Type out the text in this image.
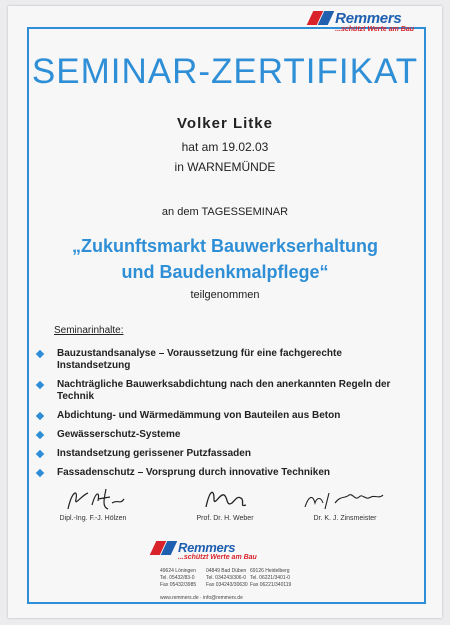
Remmers
...schützt Werte am Bau
SEMINAR-ZERTIFIKAT
Volker Litke
hat am 19.02.03
in WARNEMÜNDE
an dem TAGESSEMINAR
„Zukunftsmarkt Bauwerkserhaltung
und Baudenkmalpflege“
teilgenommen
Seminarinhalte:
Bauzustandsanalyse – Voraussetzung für eine fachgerechte Instandsetzung
Nachträgliche Bauwerksabdichtung nach den anerkannten Regeln der Technik
Abdichtung- und Wärmedämmung von Bauteilen aus Beton
Gewässerschutz-Systeme
Instandsetzung gerissener Putzfassaden
Fassadenschutz – Vorsprung durch innovative Techniken
Dipl.-Ing. F.-J. Hölzen	Prof. Dr. H. Weber	Dr. K. J. Zinsmeister
Remmers
...schützt Werte am Bau
49624 Löningen
Tel. 05432/83-0
Fax 05432/3985
04849 Bad Düben
Tel. 034243/306-0
Fax 034243/30630
69126 Heidelberg
Tel. 06221/3401-0
Fax 06221/340119
www.remmers.de · info@remmers.de
